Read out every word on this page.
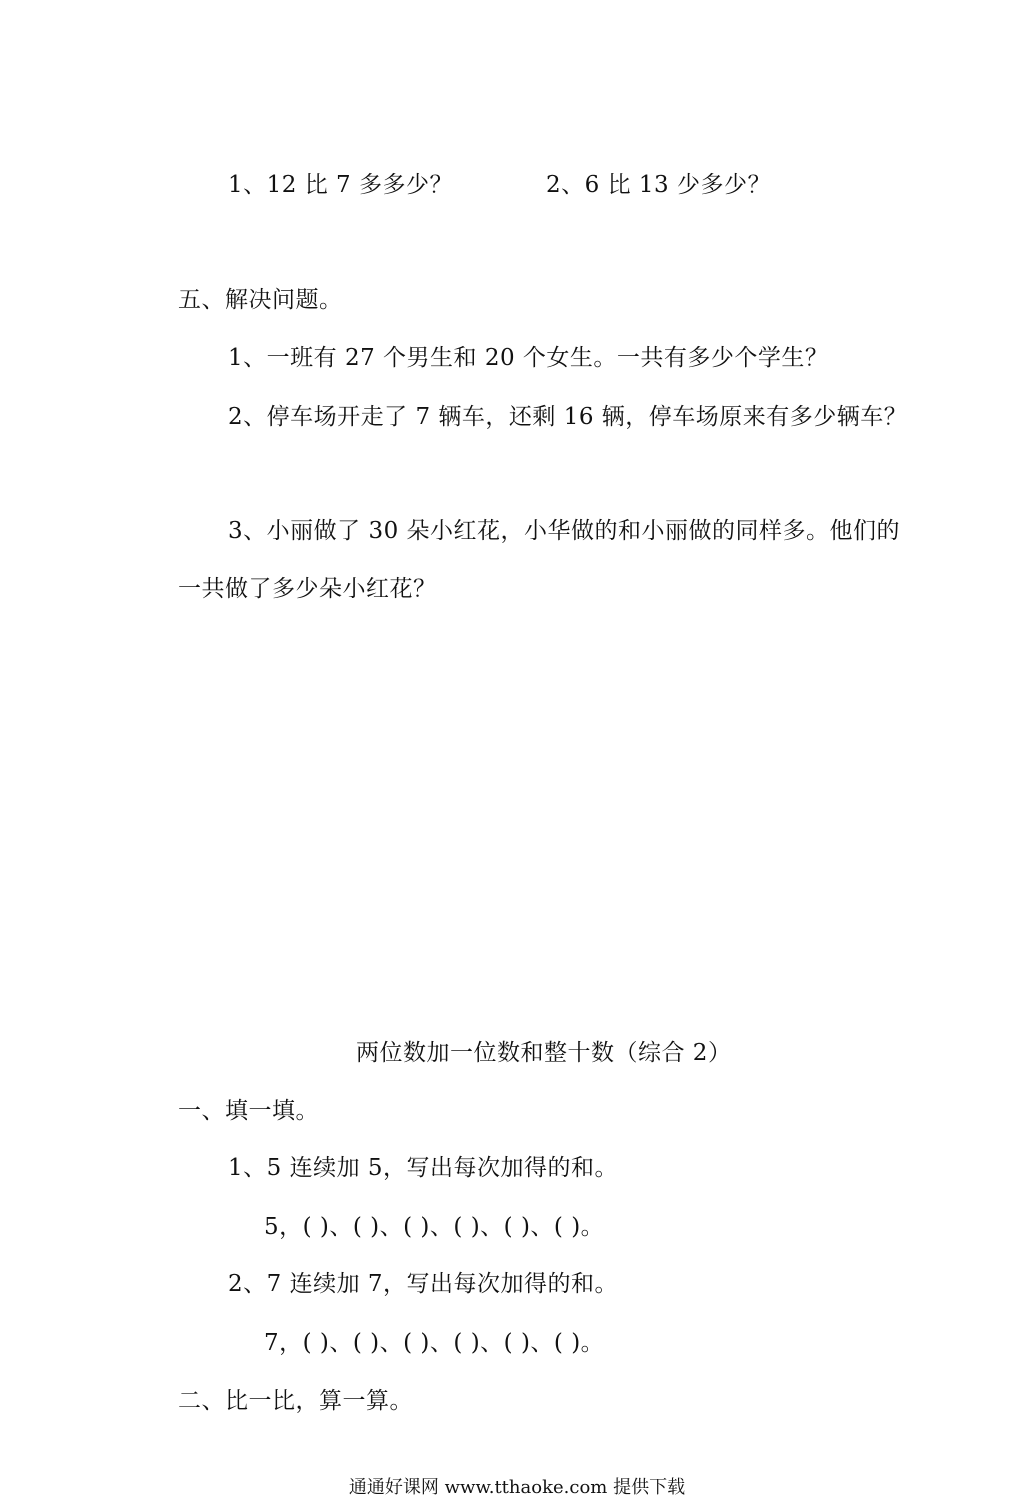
1、12 比 7 多多少？	2、6 比 13 少多少？
五、解决问题。
1、一班有 27 个男生和 20 个女生。一共有多少个学生？
2、停车场开走了 7 辆车，还剩 16 辆，停车场原来有多少辆车？
3、小丽做了 30 朵小红花，小华做的和小丽做的同样多。他们的
一共做了多少朵小红花？
两位数加一位数和整十数（综合 2）
一、填一填。
1、5 连续加 5，写出每次加得的和。
5，( )、( )、( )、( )、( )、( )。
2、7 连续加 7，写出每次加得的和。
7，( )、( )、( )、( )、( )、( )。
二、比一比，算一算。
通通好课网 www.tthaoke.com 提供下载
